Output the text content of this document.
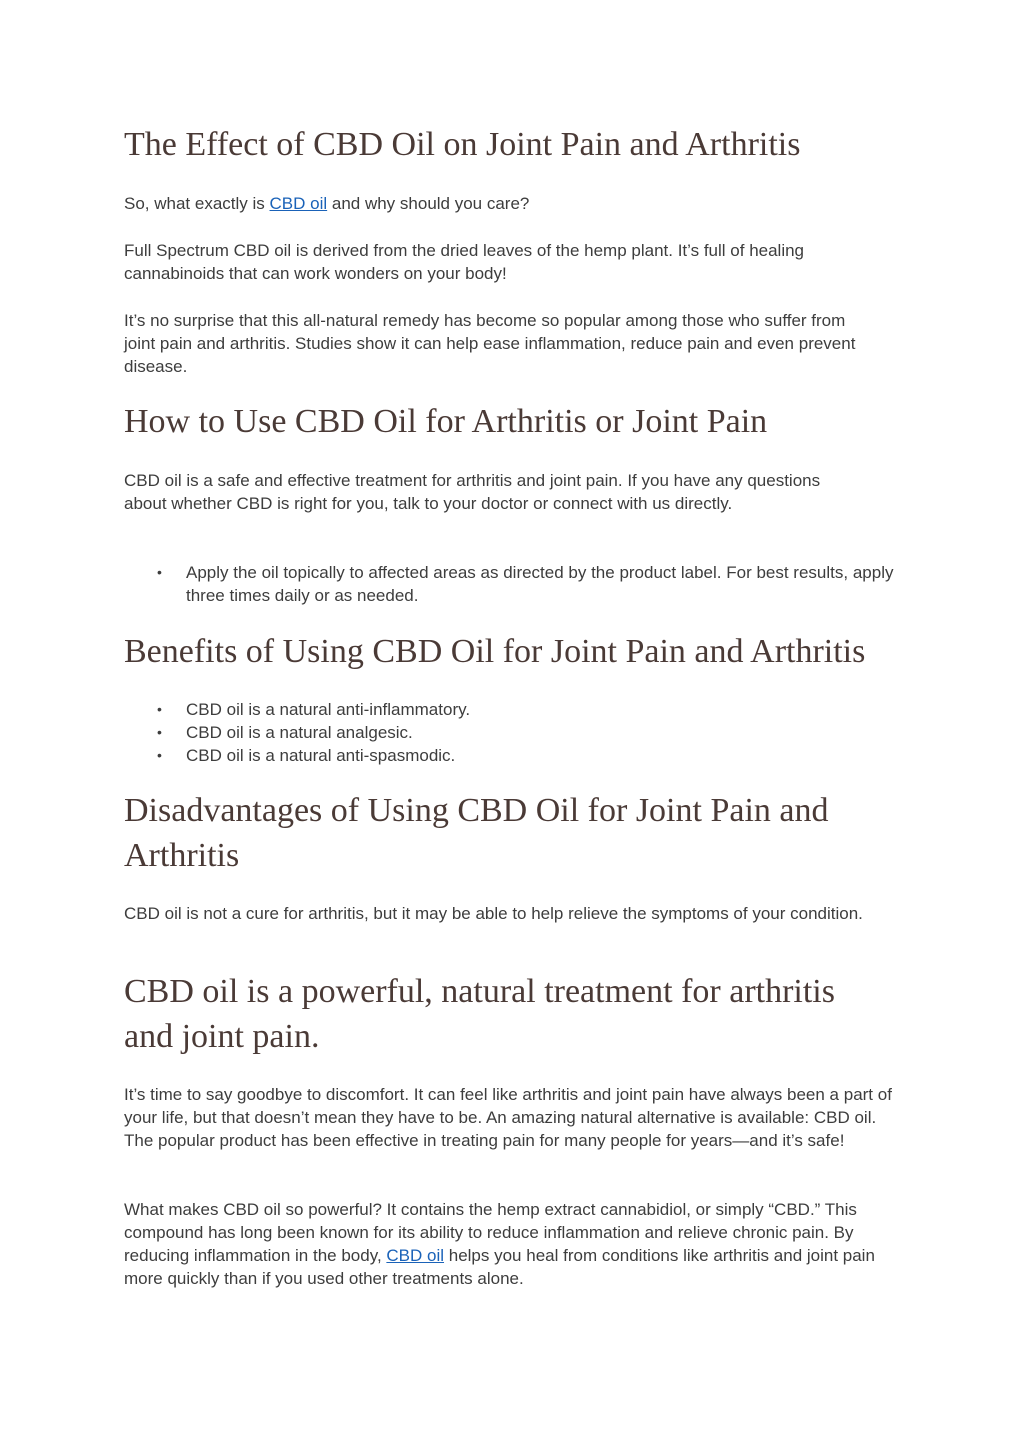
The Effect of CBD Oil on Joint Pain and Arthritis

So, what exactly is CBD oil and why should you care?

Full Spectrum CBD oil is derived from the dried leaves of the hemp plant. It’s full of healing cannabinoids that can work wonders on your body!

It’s no surprise that this all-natural remedy has become so popular among those who suffer from joint pain and arthritis. Studies show it can help ease inflammation, reduce pain and even prevent disease.

How to Use CBD Oil for Arthritis or Joint Pain

CBD oil is a safe and effective treatment for arthritis and joint pain. If you have any questions about whether CBD is right for you, talk to your doctor or connect with us directly.

• Apply the oil topically to affected areas as directed by the product label. For best results, apply three times daily or as needed.
Benefits of Using CBD Oil for Joint Pain and Arthritis
• CBD oil is a natural anti-inflammatory.
• CBD oil is a natural analgesic.
• CBD oil is a natural anti-spasmodic.
Disadvantages of Using CBD Oil for Joint Pain and Arthritis

CBD oil is not a cure for arthritis, but it may be able to help relieve the symptoms of your condition.

CBD oil is a powerful, natural treatment for arthritis and joint pain.

It’s time to say goodbye to discomfort. It can feel like arthritis and joint pain have always been a part of your life, but that doesn’t mean they have to be. An amazing natural alternative is available: CBD oil. The popular product has been effective in treating pain for many people for years—and it’s safe!

What makes CBD oil so powerful? It contains the hemp extract cannabidiol, or simply “CBD.” This compound has long been known for its ability to reduce inflammation and relieve chronic pain. By reducing inflammation in the body, CBD oil helps you heal from conditions like arthritis and joint pain more quickly than if you used other treatments alone.
